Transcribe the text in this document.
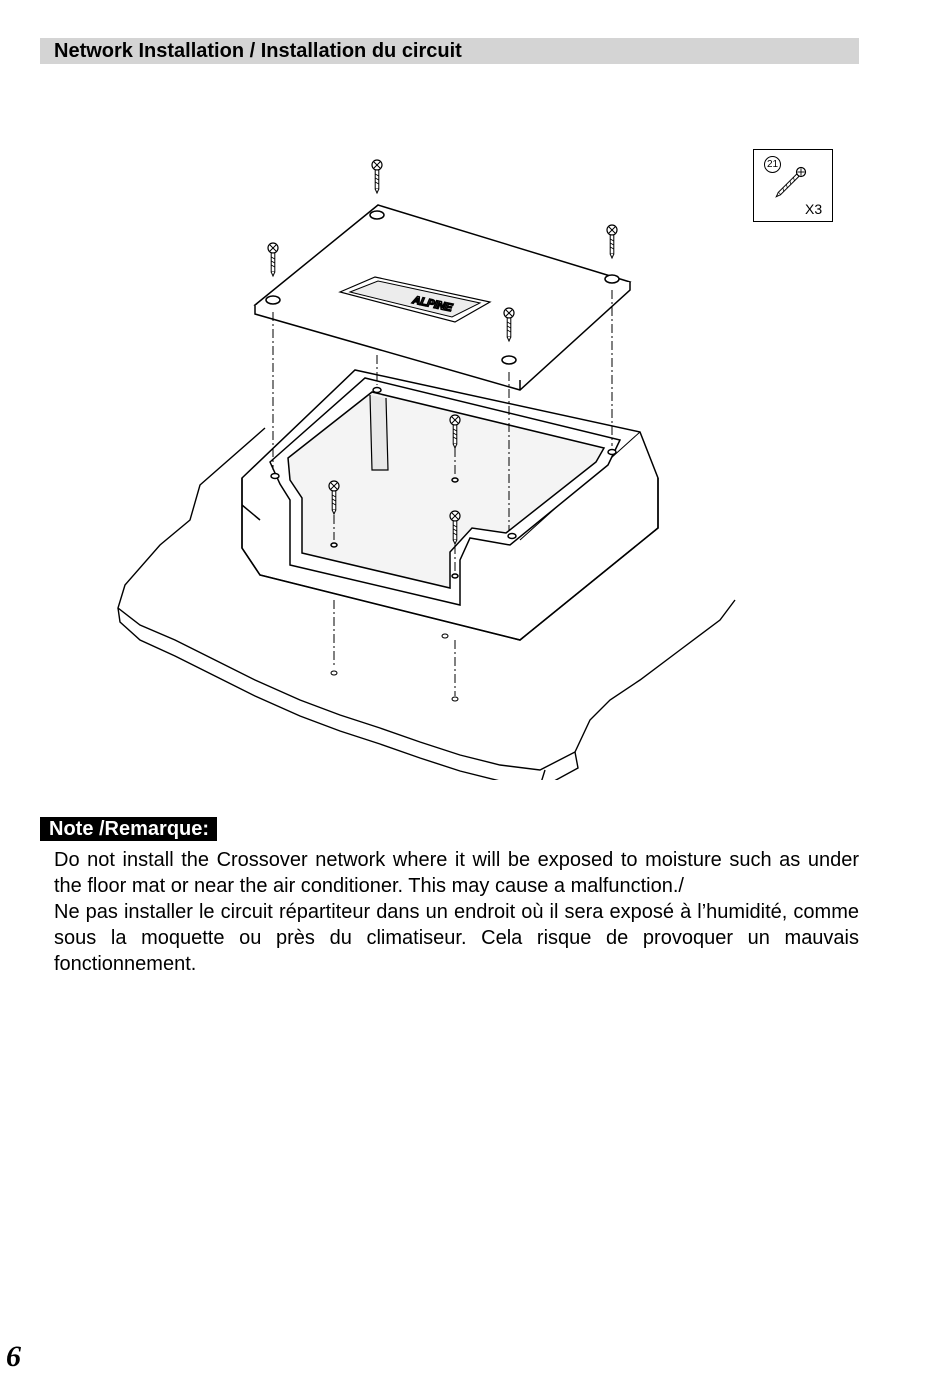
Network Installation / Installation du circuit
ALPINE
21
X3
Note /Remarque:

Do not install the Crossover network where it will be exposed to moisture such as under the floor mat or near the air conditioner. This may cause a malfunction./

Ne pas installer le circuit répartiteur dans un endroit où il sera exposé à l’humidité, comme sous la moquette ou près du climatiseur. Cela risque de provoquer un mauvais fonctionnement.

6
